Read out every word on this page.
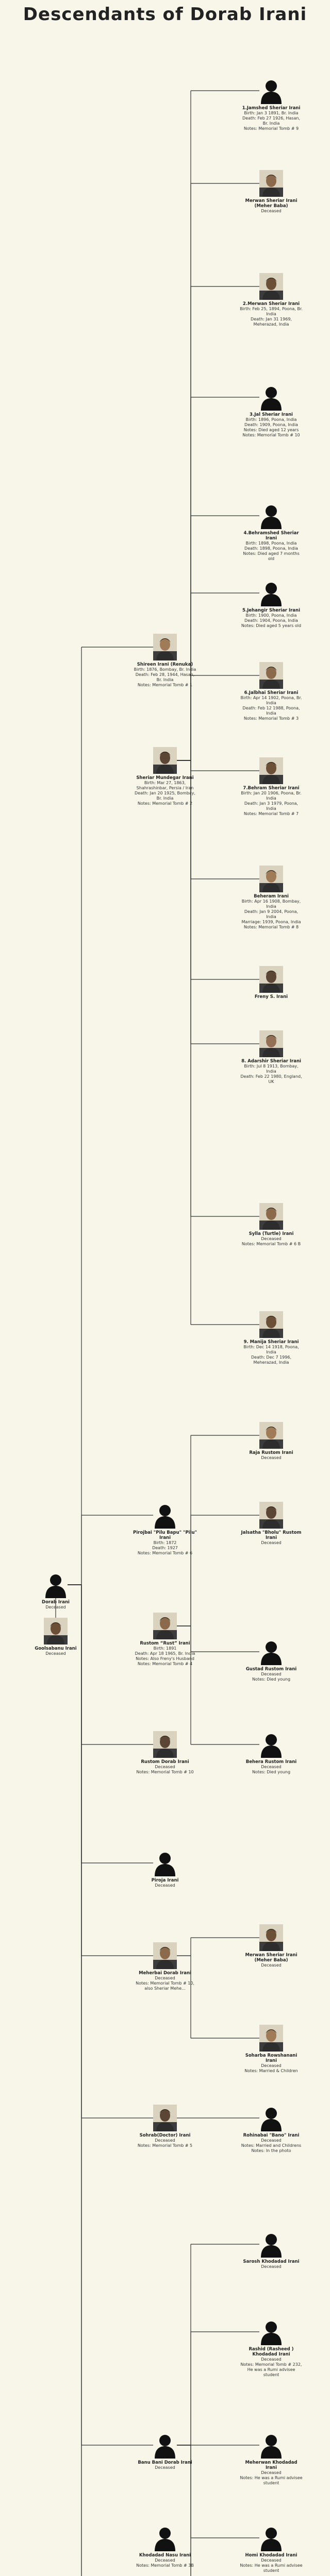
Descendants of Dorab Irani
Dorab Irani
Deceased
Goolsabanu Irani
Deceased
Shireen Irani (Renuka)
Birth: 1876, Bombay, Br. India
Death: Feb 28, 1944, Hasan, Br. India
Notes: Memorial Tomb # 1
Sheriar Mundegar Irani
Birth: Mar 27, 1863,
Shahrashinbar, Persia / Iran
Death: Jan 20 1925, Bombay, Br. India
Notes: Memorial Tomb # 2
1.Jamshed Sheriar Irani
Birth: Jan 3 1891, Br. India
Death: Feb 27 1926, Hasan, Br. India
Notes: Memorial Tomb # 9
Merwan Sheriar Irani (Meher Baba)
Deceased
2.Merwan Sheriar Irani
Birth: Feb 25, 1894, Poona, Br. India
Death: Jan 31 1969, Meherazad, India
3.Jal Sheriar Irani
Birth: 1896, Poona, India
Death: 1909, Poona, India
Notes: Died aged 12 years
Notes: Memorial Tomb # 10
4.Behramshed Sheriar Irani
Birth: 1898, Poona, India
Death: 1898, Poona, India
Notes: Died aged 7 months old
5.Jehangir Sheriar Irani
Birth: 1900, Poona, India
Death: 1904, Poona, India
Notes: Died aged 5 years old
6.Jalbhai Sheriar Irani
Birth: Apr 14 1902, Poona, Br. India
Death: Feb 12 1988, Poona, India
Notes: Memorial Tomb # 3
7.Behram Sheriar Irani
Birth: Jan 20 1906, Poona, Br. India
Death: Jan 3 1979, Poona, India
Notes: Memorial Tomb # 7
Beheram Irani
Birth: Apr 16 1908, Bombay, India
Death: Jan 9 2004, Poona, India
Marriage: 1939, Poona, India
Notes: Memorial Tomb # 8
Freny S. Irani
8. Adarshir Sheriar Irani
Birth: Jul 8 1913, Bombay, India
Death: Feb 22 1980, England, UK
Sylla (Turtle) Irani
Deceased
Notes: Memorial Tomb # 6 B
9. Manija Sheriar Irani
Birth: Dec 14 1918, Poona, India
Death: Dec 7 1996, Meherazad, India
Raja Rustom Irani
Deceased
Jalsatha "Bholu" Rustom Irani
Deceased
Pirojbai "Pilu Bapu" "Pilu" Irani
Birth: 1872
Death: 1927
Notes: Memorial Tomb # 6
Rustom “Rust” Irani
Birth: 1891
Death: Apr 18 1965, Br. India
Notes: Also Freny's Husband
Notes: Memorial Tomb # 4
Gustad Rustom Irani
Deceased
Notes: Died young
Behera Rustom Irani
Deceased
Notes: Died young
Rustom Dorab Irani
Deceased
Notes: Memorial Tomb # 10
Piroja Irani
Deceased
Meherbai Dorab Irani
Deceased
Notes: Memorial Tomb # 10,
also Sheriar Mehe...
Merwan Sheriar Irani (Meher Baba)
Deceased
Soharba Rowshanani Irani
Deceased
Notes: Married & Children
Sohrab(Doctor) Irani
Deceased
Notes: Memorial Tomb # 5
Rohinabai "Bano" Irani
Deceased
Notes: Married and Childrens
Notes: In the photo
Sarosh Khodadad Irani
Deceased
Rashid (Rasheed ) Khodadad Irani
Deceased
Notes: Memorial Tomb # 232, He was a Rumi advisee student
Banu Bani Dorab Irani
Deceased
Meherwan Khodadad Irani
Deceased
Notes: He was a Rumi advisee student
Khodadad Nasu Irani
Deceased
Notes: Memorial Tomb # 3B
Homi Khodadad Irani
Deceased
Notes: He was a Rumi advisee student
